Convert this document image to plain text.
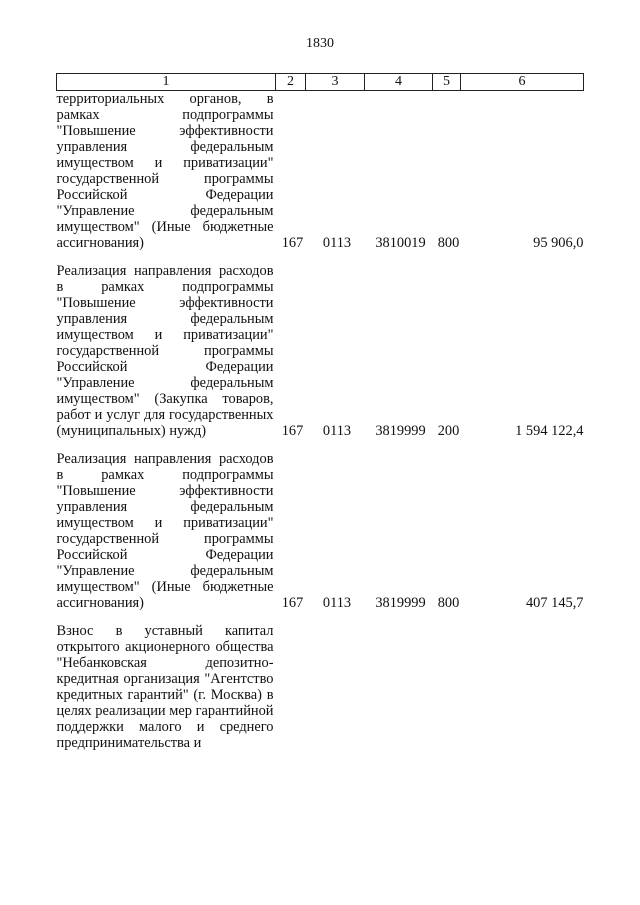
1830
1	2	3	4	5	6
территориальных органов, в рамках подпрограммы "Повышение эффективности управления федеральным имуществом и приватизации" государственной программы Российской Федерации "Управление федеральным имуществом" (Иные бюджетные ассигнования)	167	0113	3810019	800	95 906,0

Реализация направления расходов в рамках подпрограммы "Повышение эффективности управления федеральным имуществом и приватизации" государственной программы Российской Федерации "Управление федеральным имуществом" (Закупка товаров, работ и услуг для государственных (муниципальных) нужд)	167	0113	3819999	200	1 594 122,4

Реализация направления расходов в рамках подпрограммы "Повышение эффективности управления федеральным имуществом и приватизации" государственной программы Российской Федерации "Управление федеральным имуществом" (Иные бюджетные ассигнования)	167	0113	3819999	800	407 145,7

Взнос в уставный капитал открытого акционерного общества "Небанковская депозитно-кредитная организация "Агентство кредитных гарантий" (г. Москва) в целях реализации мер гарантийной поддержки малого и среднего предпринимательства и					
